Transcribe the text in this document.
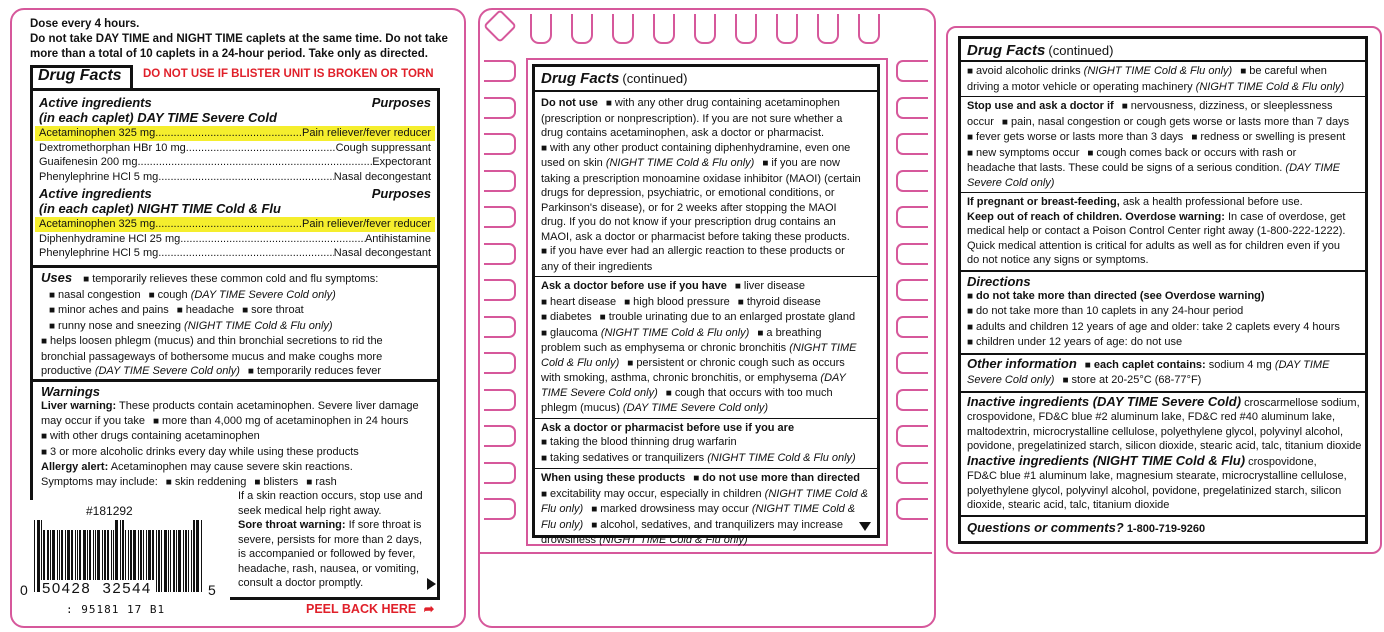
Dose every 4 hours.
Do not take DAY TIME and NIGHT TIME caplets at the same time. Do not take
more than a total of 10 caplets in a 24-hour period. Take only as directed.
Drug Facts DO NOT USE IF BLISTER UNIT IS BROKEN OR TORN
Active ingredients	Purposes
(in each caplet) DAY TIME Severe Cold
Acetaminophen 325 mg .....	Pain reliever/fever reducer
Dextromethorphan HBr 10 mg .....	Cough suppressant
Guaifenesin 200 mg .....	Expectorant
Phenylephrine HCl 5 mg .....	Nasal decongestant
Active ingredients	Purposes
(in each caplet) NIGHT TIME Cold & Flu
Acetaminophen 325 mg .....	Pain reliever/fever reducer
Diphenhydramine HCl 25 mg .....	Antihistamine
Phenylephrine HCl 5 mg .....	Nasal decongestant
Uses ■ temporarily relieves these common cold and flu symptoms:
■ nasal congestion ■ cough (DAY TIME Severe Cold only)
■ minor aches and pains ■ headache ■ sore throat
■ runny nose and sneezing (NIGHT TIME Cold & Flu only)
■ helps loosen phlegm (mucus) and thin bronchial secretions to rid the
bronchial passageways of bothersome mucus and make coughs more
productive (DAY TIME Severe Cold only) ■ temporarily reduces fever
Warnings
Liver warning: These products contain acetaminophen. Severe liver damage
may occur if you take ■ more than 4,000 mg of acetaminophen in 24 hours
■ with other drugs containing acetaminophen
■ 3 or more alcoholic drinks every day while using these products
Allergy alert: Acetaminophen may cause severe skin reactions.
Symptoms may include: ■ skin reddening ■ blisters ■ rash
If a skin reaction occurs, stop use and
seek medical help right away.
Sore throat warning: If sore throat is
severe, persists for more than 2 days,
is accompanied or followed by fever,
headache, rash, nausea, or vomiting,
consult a doctor promptly.
#181292
0 50428  32544	5
: 95181 17 B1	PEEL BACK HERE ➦
Drug Facts (continued)
Do not use ■ with any other drug containing acetaminophen
(prescription or nonprescription). If you are not sure whether a
drug contains acetaminophen, ask a doctor or pharmacist.
■ with any other product containing diphenhydramine, even one
used on skin (NIGHT TIME Cold & Flu only) ■ if you are now
taking a prescription monoamine oxidase inhibitor (MAOI) (certain
drugs for depression, psychiatric, or emotional conditions, or
Parkinson's disease), or for 2 weeks after stopping the MAOI
drug. If you do not know if your prescription drug contains an
MAOI, ask a doctor or pharmacist before taking these products.
■ if you have ever had an allergic reaction to these products or
any of their ingredients
Ask a doctor before use if you have ■ liver disease
■ heart disease ■ high blood pressure ■ thyroid disease
■ diabetes ■ trouble urinating due to an enlarged prostate gland
■ glaucoma (NIGHT TIME Cold & Flu only) ■ a breathing
problem such as emphysema or chronic bronchitis (NIGHT TIME
Cold & Flu only) ■ persistent or chronic cough such as occurs
with smoking, asthma, chronic bronchitis, or emphysema (DAY
TIME Severe Cold only) ■ cough that occurs with too much
phlegm (mucus) (DAY TIME Severe Cold only)
Ask a doctor or pharmacist before use if you are
■ taking the blood thinning drug warfarin
■ taking sedatives or tranquilizers (NIGHT TIME Cold & Flu only)
When using these products ■ do not use more than directed
■ excitability may occur, especially in children (NIGHT TIME Cold &
Flu only) ■ marked drowsiness may occur (NIGHT TIME Cold &
Flu only) ■ alcohol, sedatives, and tranquilizers may increase
drowsiness (NIGHT TIME Cold & Flu only)
Drug Facts (continued)
■ avoid alcoholic drinks (NIGHT TIME Cold & Flu only) ■ be careful when
driving a motor vehicle or operating machinery (NIGHT TIME Cold & Flu only)
Stop use and ask a doctor if ■ nervousness, dizziness, or sleeplessness
occur ■ pain, nasal congestion or cough gets worse or lasts more than 7 days
■ fever gets worse or lasts more than 3 days ■ redness or swelling is present
■ new symptoms occur ■ cough comes back or occurs with rash or
headache that lasts. These could be signs of a serious condition. (DAY TIME
Severe Cold only)
If pregnant or breast-feeding, ask a health professional before use.
Keep out of reach of children. Overdose warning: In case of overdose, get
medical help or contact a Poison Control Center right away (1-800-222-1222).
Quick medical attention is critical for adults as well as for children even if you
do not notice any signs or symptoms.
Directions
■ do not take more than directed (see Overdose warning)
■ do not take more than 10 caplets in any 24-hour period
■ adults and children 12 years of age and older: take 2 caplets every 4 hours
■ children under 12 years of age: do not use
Other information ■ each caplet contains: sodium 4 mg (DAY TIME
Severe Cold only) ■ store at 20-25°C (68-77°F)
Inactive ingredients (DAY TIME Severe Cold) croscarmellose sodium,
crospovidone, FD&C blue #2 aluminum lake, FD&C red #40 aluminum lake,
maltodextrin, microcrystalline cellulose, polyethylene glycol, polyvinyl alcohol,
povidone, pregelatinized starch, silicon dioxide, stearic acid, talc, titanium dioxide
Inactive ingredients (NIGHT TIME Cold & Flu) crospovidone,
FD&C blue #1 aluminum lake, magnesium stearate, microcrystalline cellulose,
polyethylene glycol, polyvinyl alcohol, povidone, pregelatinized starch, silicon
dioxide, stearic acid, talc, titanium dioxide
Questions or comments? 1-800-719-9260
